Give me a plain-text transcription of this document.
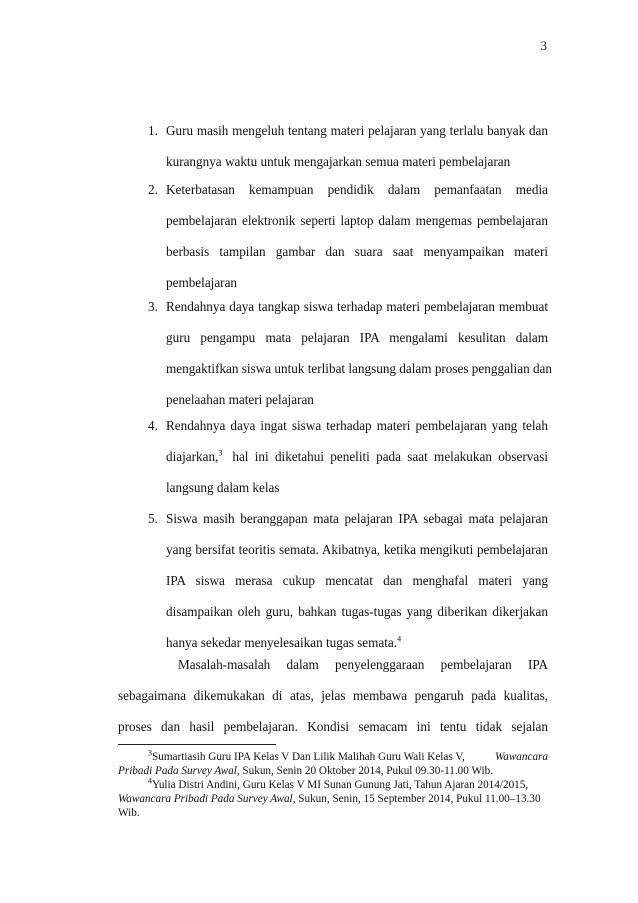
3
1. Guru masih mengeluh tentang materi pelajaran yang terlalu banyak dan
kurangnya waktu untuk mengajarkan semua materi pembelajaran
2. Keterbatasan kemampuan pendidik dalam pemanfaatan media
pembelajaran elektronik seperti laptop dalam mengemas pembelajaran
berbasis tampilan gambar dan suara saat menyampaikan materi
pembelajaran
3. Rendahnya daya tangkap siswa terhadap materi pembelajaran membuat
guru pengampu mata pelajaran IPA mengalami kesulitan dalam
mengaktifkan siswa untuk terlibat langsung dalam proses penggalian dan
penelaahan materi pelajaran
4. Rendahnya daya ingat siswa terhadap materi pembelajaran yang telah
diajarkan,$^3$ hal ini diketahui peneliti pada saat melakukan observasi
langsung dalam kelas
5. Siswa masih beranggapan mata pelajaran IPA sebagai mata pelajaran
yang bersifat teoritis semata. Akibatnya, ketika mengikuti pembelajaran
IPA siswa merasa cukup mencatat dan menghafal materi yang
disampaikan oleh guru, bahkan tugas-tugas yang diberikan dikerjakan
hanya sekedar menyelesaikan tugas semata.$^4$
Masalah-masalah dalam penyelenggaraan pembelajaran IPA
sebagaimana dikemukakan di atas, jelas membawa pengaruh pada kualitas,
proses dan hasil pembelajaran. Kondisi semacam ini tentu tidak sejalan
$^3$Sumartiasih Guru IPA Kelas V Dan Lilik Malihah Guru Wali Kelas V,	Wawancara
Pribadi Pada Survey Awal, Sukun, Senin 20 Oktober 2014, Pukul 09.30-11.00 Wib.
$^4$Yulia Distri Andini, Guru Kelas V MI Sunan Gunung Jati, Tahun Ajaran 2014/2015,
Wawancara Pribadi Pada Survey Awal, Sukun, Senin, 15 September 2014, Pukul 11.00–13.30
Wib.
